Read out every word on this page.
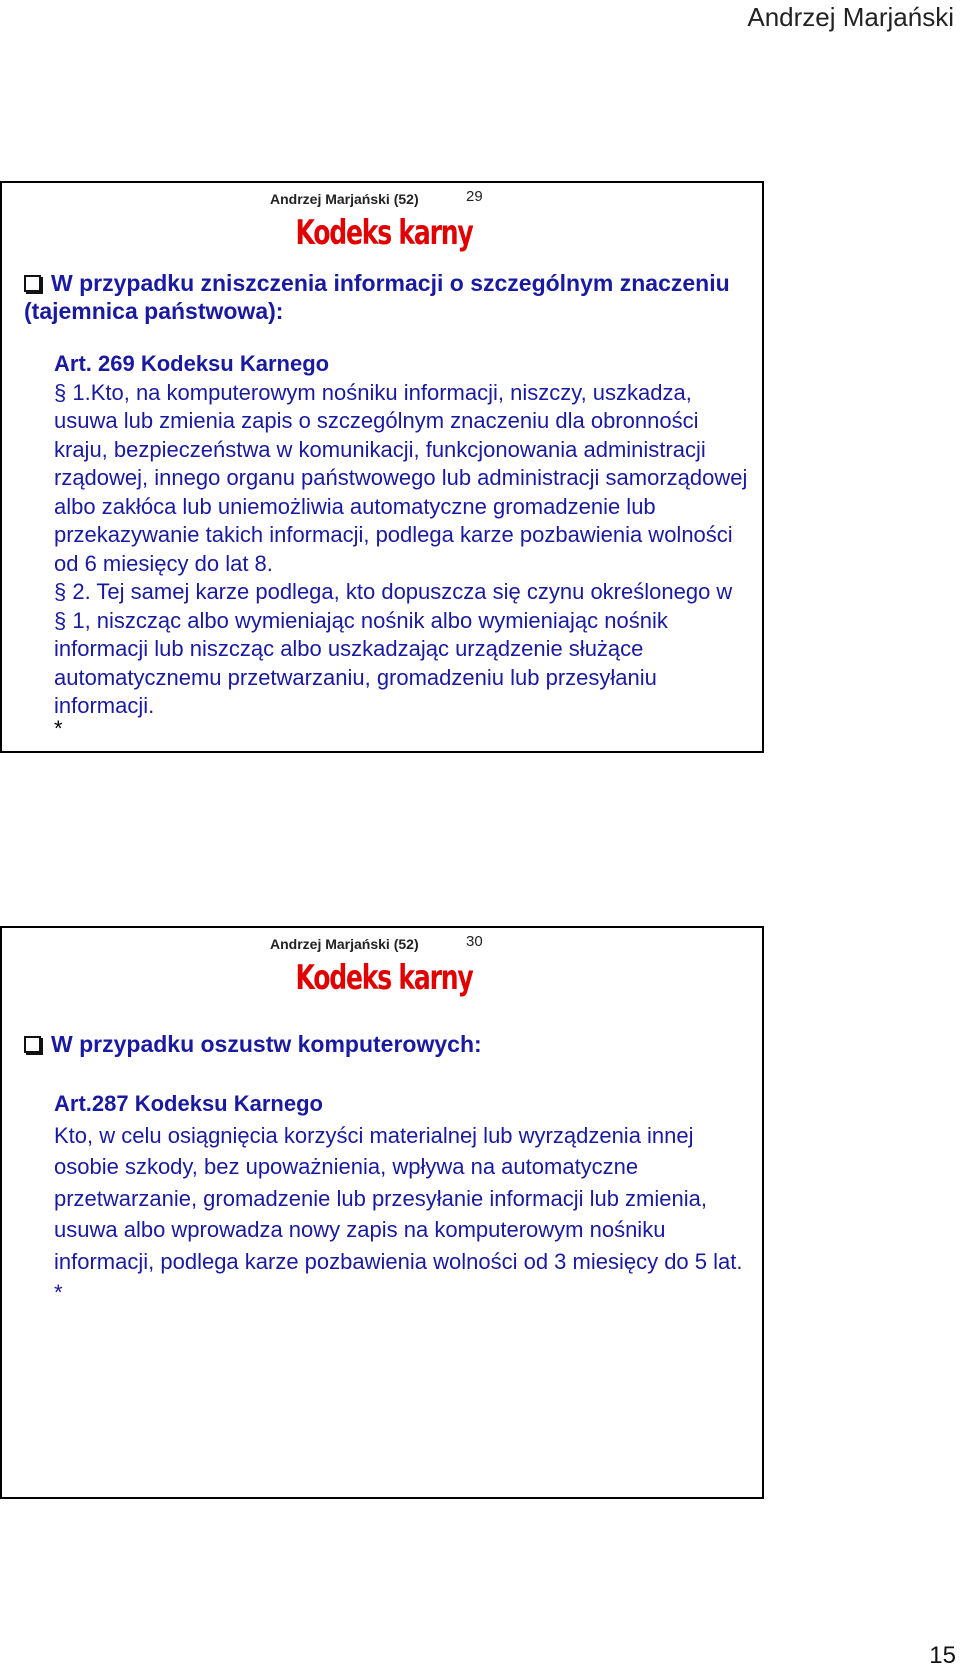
Andrzej Marjański
Andrzej Marjański (52)	29
Kodeks karny

W przypadku zniszczenia informacji o szczególnym znaczeniu (tajemnica państwowa):

Art. 269 Kodeksu Karnego

§ 1.Kto, na komputerowym nośniku informacji, niszczy, uszkadza, usuwa lub zmienia zapis o szczególnym znaczeniu dla obronności kraju, bezpieczeństwa w komunikacji, funkcjonowania administracji rządowej, innego organu państwowego lub administracji samorządowej albo zakłóca lub uniemożliwia automatyczne gromadzenie lub przekazywanie takich informacji, podlega karze pozbawienia wolności od 6 miesięcy do lat 8.

§ 2. Tej samej karze podlega, kto dopuszcza się czynu określonego w § 1, niszcząc albo wymieniając nośnik albo wymieniając nośnik informacji lub niszcząc albo uszkadzając urządzenie służące automatycznemu przetwarzaniu, gromadzeniu lub przesyłaniu informacji.

*

Andrzej Marjański (52)	30
Kodeks karny

W przypadku oszustw komputerowych:

Art.287 Kodeksu Karnego

Kto, w celu osiągnięcia korzyści materialnej lub wyrządzenia innej osobie szkody, bez upoważnienia, wpływa na automatyczne przetwarzanie, gromadzenie lub przesyłanie informacji lub zmienia, usuwa albo wprowadza nowy zapis na komputerowym nośniku informacji, podlega karze pozbawienia wolności od 3 miesięcy do 5 lat. *

15
